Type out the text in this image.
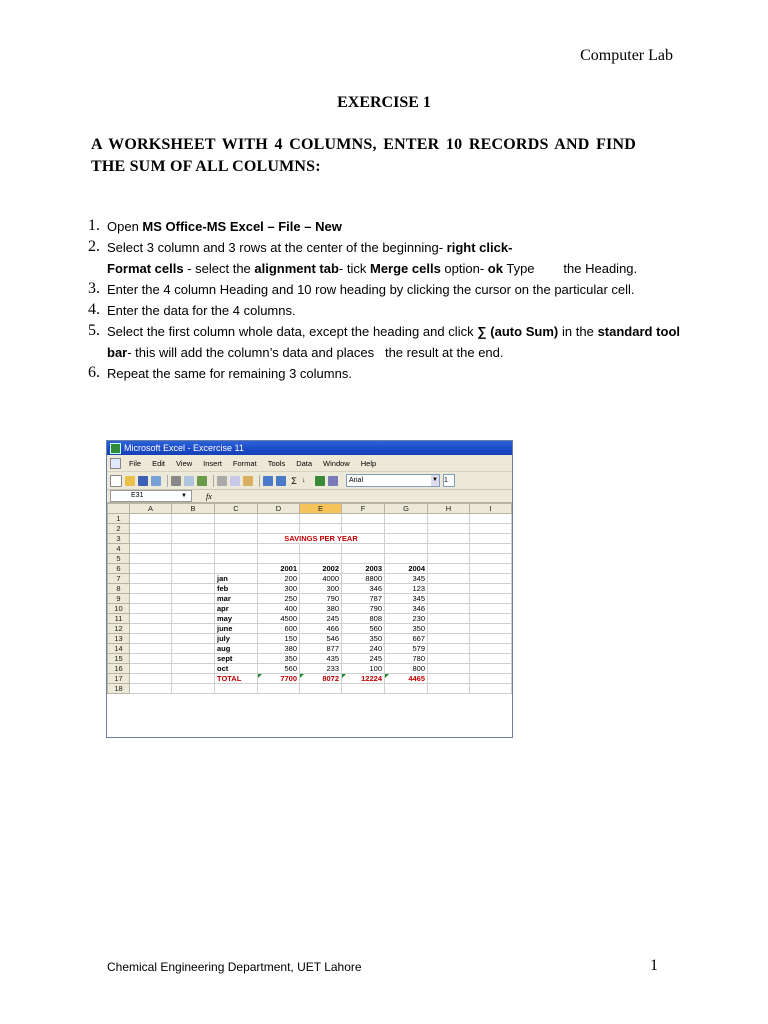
Computer Lab
EXERCISE 1
A WORKSHEET WITH 4 COLUMNS, ENTER 10 RECORDS AND FIND THE SUM OF ALL COLUMNS:
1. Open MS Office-MS Excel – File – New
2. Select 3 column and 3 rows at the center of the beginning- right click-
Format cells - select the alignment tab- tick Merge cells option- ok Type        the Heading.
3. Enter the 4 column Heading and 10 row heading by clicking the cursor on the particular cell.
4. Enter the data for the 4 columns.
5. Select the first column whole data, except the heading and click ∑ (auto Sum) in the standard tool bar- this will add the column’s data and places   the result at the end.
6. Repeat the same for remaining 3 columns.
Microsoft Excel - Excercise 11
File Edit View Insert Format Tools Data Window Help
Σ ↓	Arial	▼ 1
E31	▼ fx
	A	B	C	D	E	F	G	H	I
1									
2									
3				SAVINGS PER YEAR					
4									
5									
6				2001	2002	2003	2004		
7			jan	200	4000	8800	345		
8			feb	300	300	346	123		
9			mar	250	790	787	345		
10			apr	400	380	790	346		
11			may	4500	245	808	230		
12			june	600	466	560	350		
13			july	150	546	350	667		
14			aug	380	877	240	579		
15			sept	350	435	245	780		
16			oct	560	233	100	800		
17			TOTAL	7700	8072	12224	4465		
18									
Chemical Engineering Department, UET Lahore	1
